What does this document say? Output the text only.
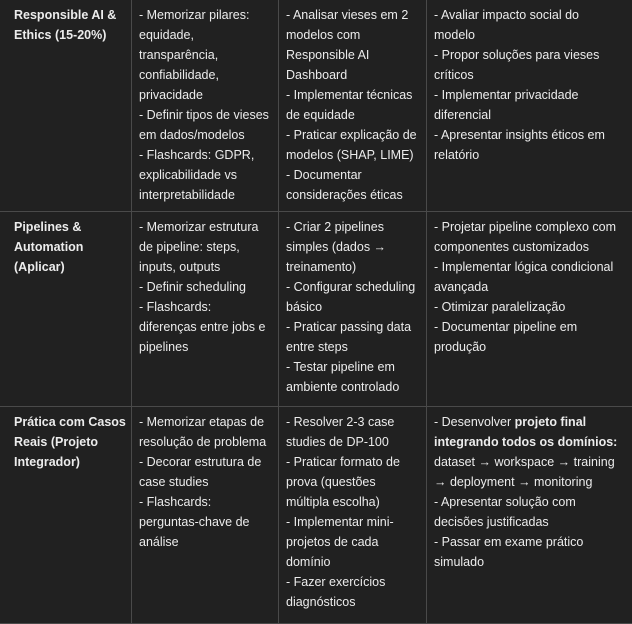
Responsible AI &
Ethics (15-20%)
- Memorizar pilares:
equidade,
transparência,
confiabilidade,
privacidade
- Definir tipos de vieses
em dados/modelos
- Flashcards: GDPR,
explicabilidade vs
interpretabilidade
- Analisar vieses em 2
modelos com
Responsible AI
Dashboard
- Implementar técnicas
de equidade
- Praticar explicação de
modelos (SHAP, LIME)
- Documentar
considerações éticas
- Avaliar impacto social do
modelo
- Propor soluções para vieses
críticos
- Implementar privacidade
diferencial
- Apresentar insights éticos em
relatório
Pipelines &
Automation
(Aplicar)
- Memorizar estrutura
de pipeline: steps,
inputs, outputs
- Definir scheduling
- Flashcards:
diferenças entre jobs e
pipelines
- Criar 2 pipelines
simples (dados →
treinamento)
- Configurar scheduling
básico
- Praticar passing data
entre steps
- Testar pipeline em
ambiente controlado
- Projetar pipeline complexo com
componentes customizados
- Implementar lógica condicional
avançada
- Otimizar paralelização
- Documentar pipeline em
produção
Prática com Casos
Reais (Projeto
Integrador)
- Memorizar etapas de
resolução de problema
- Decorar estrutura de
case studies
- Flashcards:
perguntas-chave de
análise
- Resolver 2-3 case
studies de DP-100
- Praticar formato de
prova (questões
múltipla escolha)
- Implementar mini-
projetos de cada
domínio
- Fazer exercícios
diagnósticos
- Desenvolver projeto final
integrando todos os domínios:
dataset → workspace → training
→ deployment → monitoring
- Apresentar solução com
decisões justificadas
- Passar em exame prático
simulado
